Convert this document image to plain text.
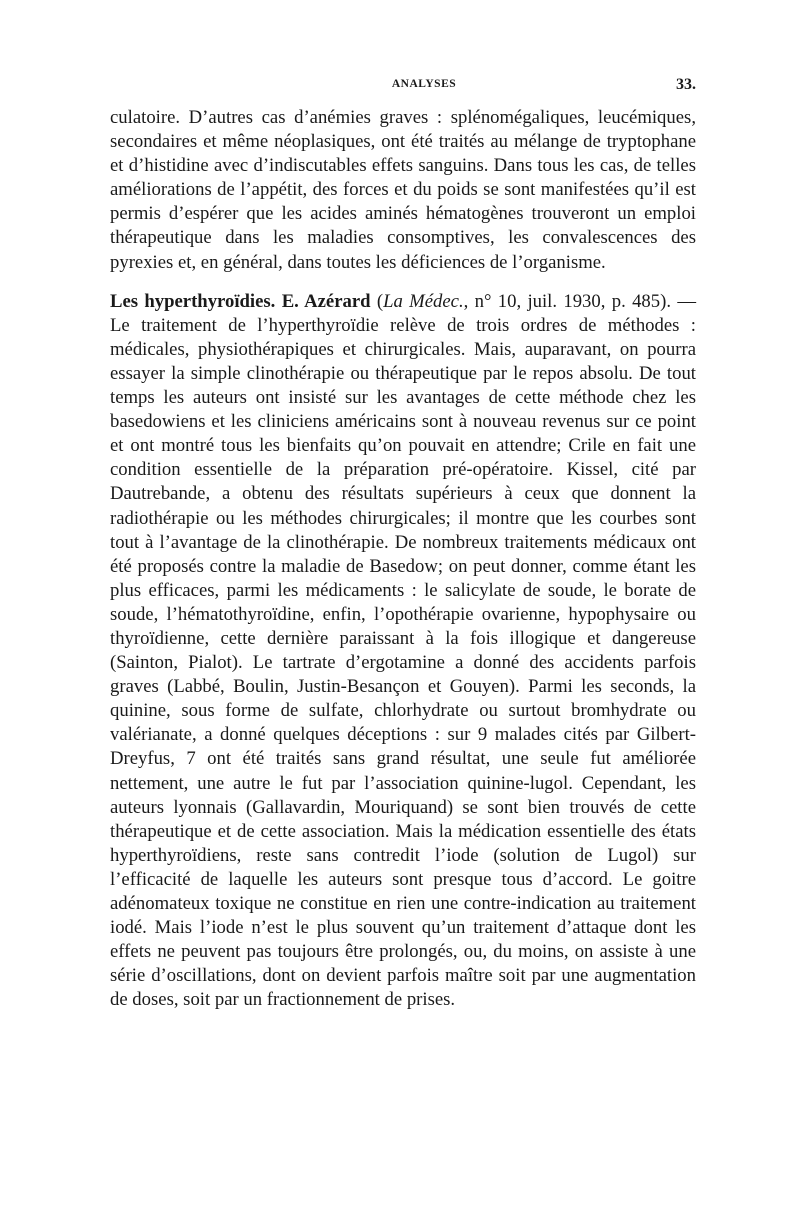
ANALYSES	33.

culatoire. D’autres cas d’anémies graves : splénomégaliques, leucémiques, secondaires et même néoplasiques, ont été traités au mélange de tryptophane et d’histidine avec d’indiscutables effets sanguins. Dans tous les cas, de telles améliorations de l’appétit, des forces et du poids se sont manifestées qu’il est permis d’espérer que les acides aminés hématogènes trouveront un emploi thérapeutique dans les maladies consomptives, les convalescences des pyrexies et, en général, dans toutes les déficiences de l’organisme.

Les hyperthyroïdies. E. Azérard (La Médec., n° 10, juil. 1930, p. 485). — Le traitement de l’hyperthyroïdie relève de trois ordres de méthodes : médicales, physiothérapiques et chirurgicales. Mais, auparavant, on pourra essayer la simple clinothérapie ou thérapeutique par le repos absolu. De tout temps les auteurs ont insisté sur les avantages de cette méthode chez les basedowiens et les cliniciens américains sont à nouveau revenus sur ce point et ont montré tous les bienfaits qu’on pouvait en attendre; Crile en fait une condition essentielle de la préparation pré-opératoire. Kissel, cité par Dautrebande, a obtenu des résultats supérieurs à ceux que donnent la radiothérapie ou les méthodes chirurgicales; il montre que les courbes sont tout à l’avantage de la clinothérapie. De nombreux traitements médicaux ont été proposés contre la maladie de Basedow; on peut donner, comme étant les plus efficaces, parmi les médicaments : le salicylate de soude, le borate de soude, l’hématothyroïdine, enfin, l’opothérapie ovarienne, hypophysaire ou thyroïdienne, cette dernière paraissant à la fois illogique et dangereuse (Sainton, Pialot). Le tartrate d’ergotamine a donné des accidents parfois graves (Labbé, Boulin, Justin-Besançon et Gouyen). Parmi les seconds, la quinine, sous forme de sulfate, chlorhydrate ou surtout bromhydrate ou valérianate, a donné quelques déceptions : sur 9 malades cités par Gilbert-Dreyfus, 7 ont été traités sans grand résultat, une seule fut améliorée nettement, une autre le fut par l’association quinine-lugol. Cependant, les auteurs lyonnais (Gallavardin, Mouriquand) se sont bien trouvés de cette thérapeutique et de cette association. Mais la médication essentielle des états hyperthyroïdiens, reste sans contredit l’iode (solution de Lugol) sur l’efficacité de laquelle les auteurs sont presque tous d’accord. Le goitre adénomateux toxique ne constitue en rien une contre-indication au traitement iodé. Mais l’iode n’est le plus souvent qu’un traitement d’attaque dont les effets ne peuvent pas toujours être prolongés, ou, du moins, on assiste à une série d’oscillations, dont on devient parfois maître soit par une augmentation de doses, soit par un fractionnement de prises.
